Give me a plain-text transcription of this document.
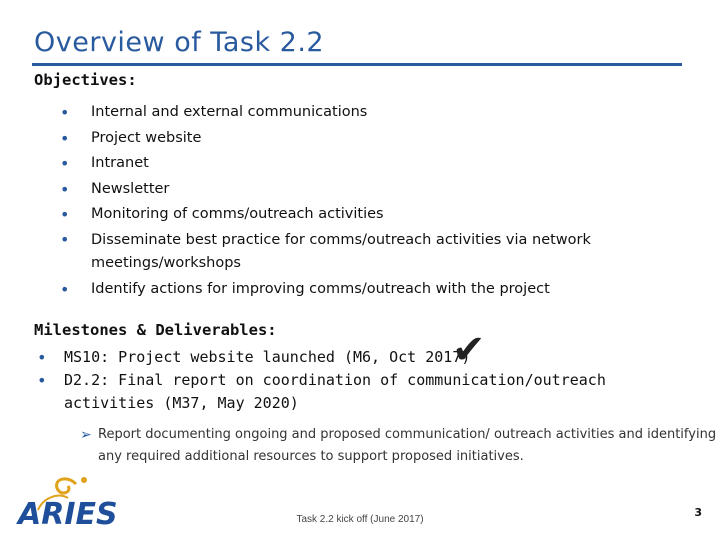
Overview of Task 2.2
Objectives:
• Internal and external communications
• Project website
• Intranet
• Newsletter
• Monitoring of comms/outreach activities
• Disseminate best practice for comms/outreach activities via network meetings/workshops
• Identify actions for improving comms/outreach with the project
Milestones & Deliverables:
• MS10: Project website launched (M6, Oct 2017)
• D2.2: Final report on coordination of communication/outreach activities (M37, May 2020)
✔
➢ Report documenting ongoing and proposed communication/ outreach activities and identifying any required additional resources to support proposed initiatives.
ARIES	Task 2.2 kick off (June 2017)
3
